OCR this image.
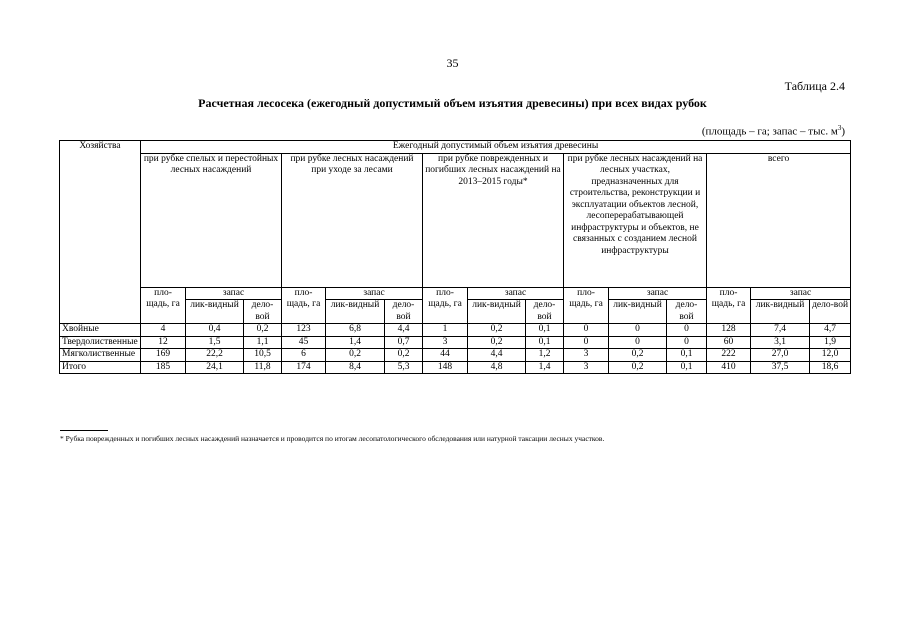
35
Таблица 2.4
Расчетная лесосека (ежегодный допустимый объем изъятия древесины) при всех видах рубок
(площадь – га; запас – тыс. $м^3$)
Хозяйства	Ежегодный допустимый объем изъятия древесины														
	при рубке спелых и перестойных лесных насаждений			при рубке лесных насаждений при уходе за лесами			при рубке поврежденных и погибших лесных насаждений на 2013–2015 годы*			при рубке лесных насаждений на лесных участках, предназначенных для строительства, реконструкции и эксплуатации объектов лесной, лесоперерабатывающей инфраструктуры и объектов, не связанных с созданием лесной инфраструктуры			всего		
	пло-щадь, га	запас		пло-щадь, га	запас		пло-щадь, га	запас		пло-щадь, га	запас		пло-щадь, га	запас	
		лик-видный	дело-вой		лик-видный	дело-вой		лик-видный	дело-вой		лик-видный	дело-вой		лик-видный	дело-вой
Хвойные	4	0,4	0,2	123	6,8	4,4	1	0,2	0,1	0	0	0	128	7,4	4,7
Твердолиственные	12	1,5	1,1	45	1,4	0,7	3	0,2	0,1	0	0	0	60	3,1	1,9
Мягколиственные	169	22,2	10,5	6	0,2	0,2	44	4,4	1,2	3	0,2	0,1	222	27,0	12,0
Итого	185	24,1	11,8	174	8,4	5,3	148	4,8	1,4	3	0,2	0,1	410	37,5	18,6
* Рубка поврежденных и погибших лесных насаждений назначается и проводится по итогам лесопатологического обследования или натурной таксации лесных участков.
